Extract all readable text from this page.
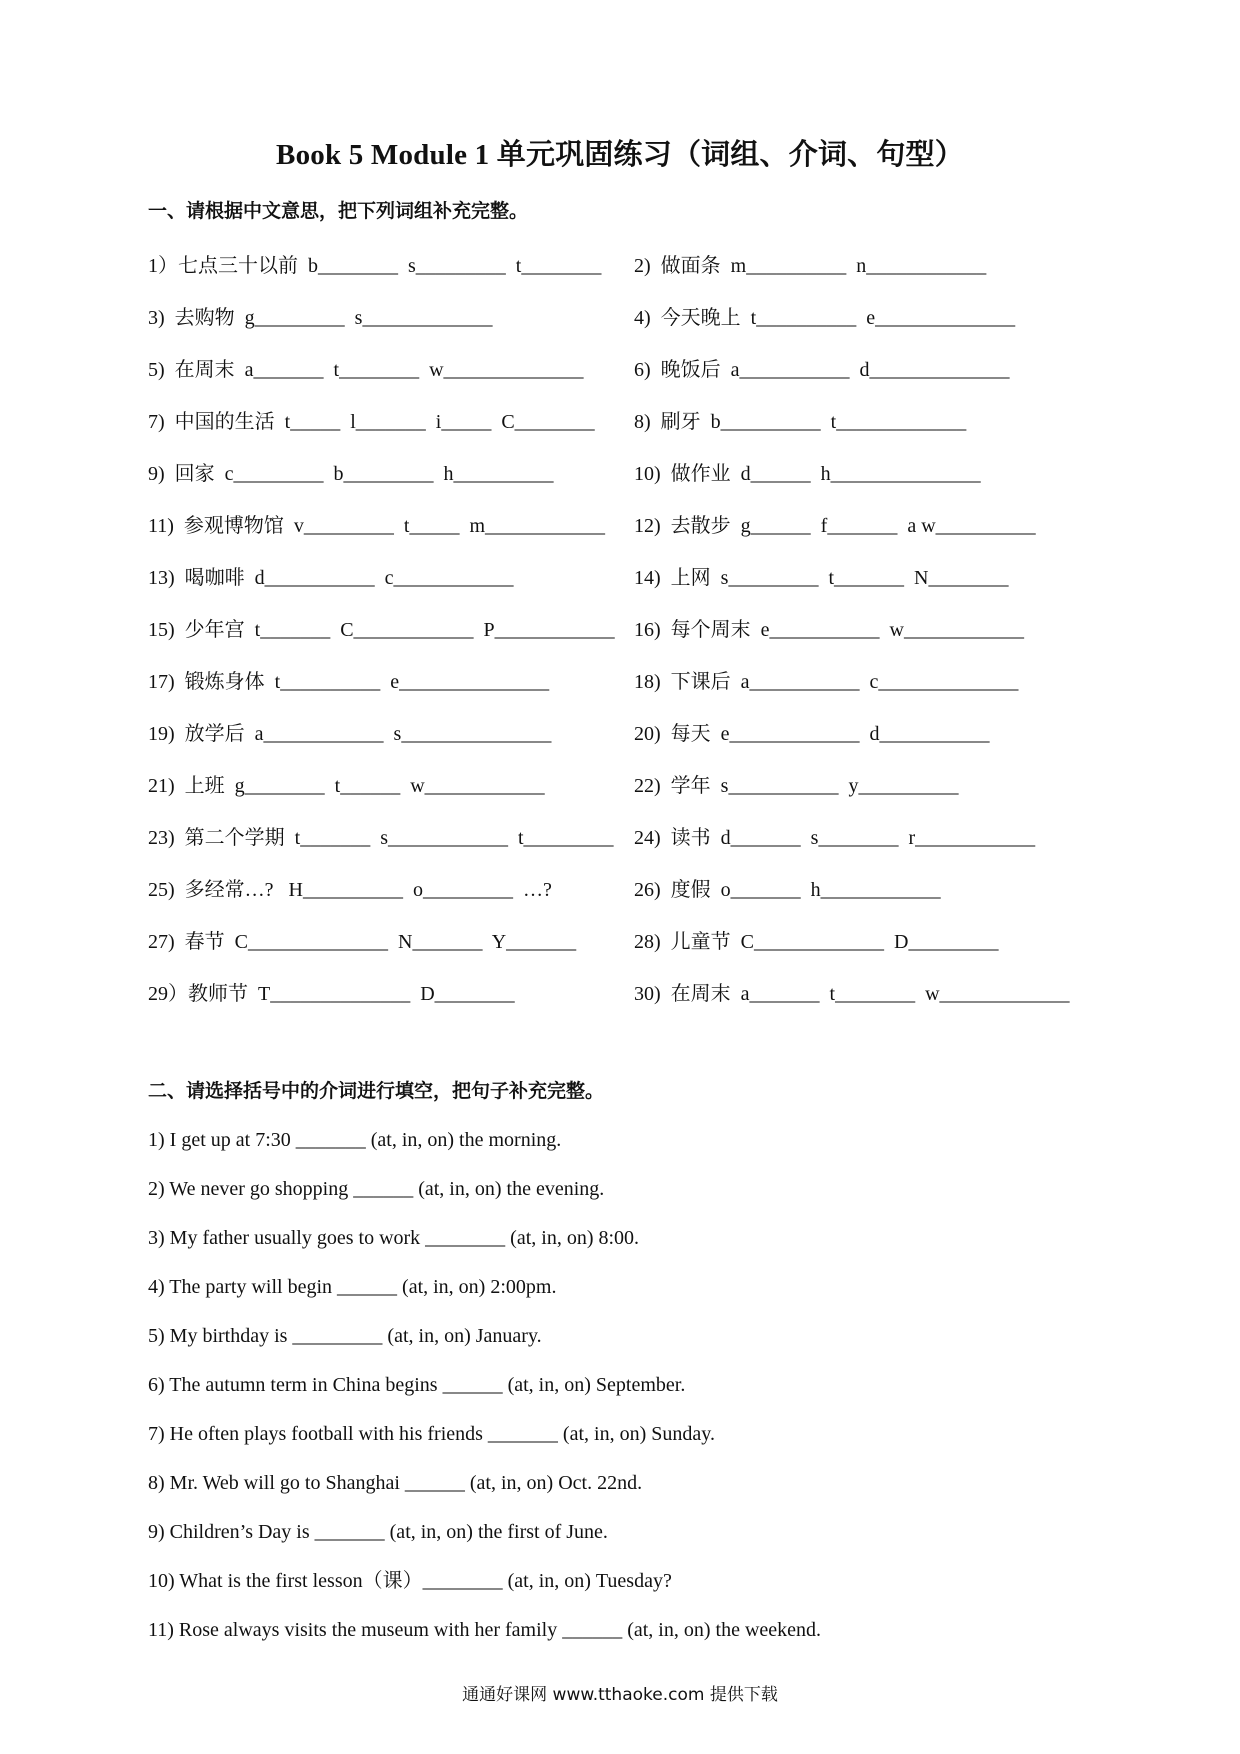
Book 5 Module 1 单元巩固练习（词组、介词、句型）
一、请根据中文意思，把下列词组补充完整。
1）七点三十以前  b________  s_________  t________	2)  做面条  m__________  n____________
3)  去购物  g_________  s_____________	4)  今天晚上  t__________  e______________
5)  在周末  a_______  t________  w______________	6)  晚饭后  a___________  d______________
7)  中国的生活  t_____  l_______  i_____  C________	8)  刷牙  b__________  t_____________
9)  回家  c_________  b_________  h__________	10)  做作业  d______  h_______________
11)  参观博物馆  v_________  t_____  m____________	12)  去散步  g______  f_______  a w__________
13)  喝咖啡  d___________  c____________	14)  上网  s_________  t_______  N________
15)  少年宫  t_______  C____________  P____________ 16)  每个周末  e___________  w____________
17)  锻炼身体  t__________  e_______________	18)  下课后  a___________  c______________
19)  放学后  a____________  s_______________	20)  每天  e_____________  d___________
21)  上班  g________  t______  w____________	22)  学年  s___________  y__________
23)  第二个学期  t_______  s____________  t_________	24)  读书  d_______  s________  r____________
25)  多经常…?   H__________  o_________  …?	26)  度假  o_______  h____________
27)  春节  C______________  N_______  Y_______	28)  儿童节  C_____________  D_________
29）教师节  T______________  D________	30)  在周末  a_______  t________  w_____________
二、请选择括号中的介词进行填空，把句子补充完整。
1) I get up at 7:30 _______ (at, in, on) the morning.
2) We never go shopping ______ (at, in, on) the evening.
3) My father usually goes to work ________ (at, in, on) 8:00.
4) The party will begin ______ (at, in, on) 2:00pm.
5) My birthday is _________ (at, in, on) January.
6) The autumn term in China begins ______ (at, in, on) September.
7) He often plays football with his friends _______ (at, in, on) Sunday.
8) Mr. Web will go to Shanghai ______ (at, in, on) Oct. 22nd.
9) Children’s Day is _______ (at, in, on) the first of June.
10) What is the first lesson（课）________ (at, in, on) Tuesday?
11) Rose always visits the museum with her family ______ (at, in, on) the weekend.
通通好课网 www.tthaoke.com 提供下载
